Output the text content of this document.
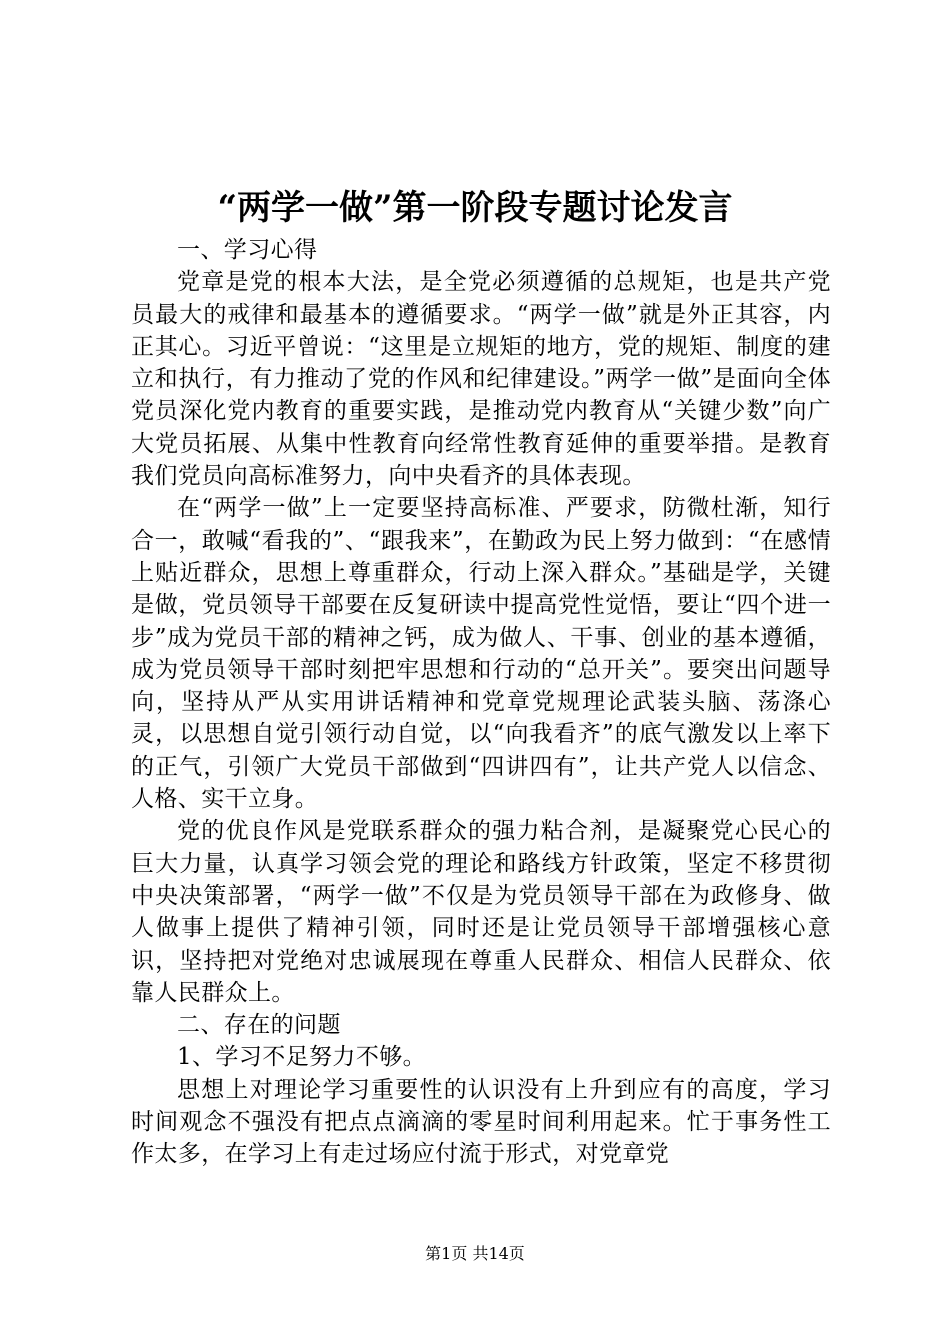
“两学一做”第一阶段专题讨论发言

一、学习心得

党章是党的根本大法，是全党必须遵循的总规矩，也是共产党员最大的戒律和最基本的遵循要求。“两学一做”就是外正其容，内正其心。习近平曾说：“这里是立规矩的地方，党的规矩、制度的建立和执行，有力推动了党的作风和纪律建设。”两学一做”是面向全体党员深化党内教育的重要实践，是推动党内教育从“关键少数”向广大党员拓展、从集中性教育向经常性教育延伸的重要举措。是教育我们党员向高标准努力，向中央看齐的具体表现。

在“两学一做”上一定要坚持高标准、严要求，防微杜渐，知行合一，敢喊“看我的”、“跟我来”，在勤政为民上努力做到：“在感情上贴近群众，思想上尊重群众，行动上深入群众。”基础是学，关键是做，党员领导干部要在反复研读中提高党性觉悟，要让“四个进一步”成为党员干部的精神之钙，成为做人、干事、创业的基本遵循，成为党员领导干部时刻把牢思想和行动的“总开关”。要突出问题导向，坚持从严从实用讲话精神和党章党规理论武装头脑、荡涤心灵，以思想自觉引领行动自觉，以“向我看齐”的底气激发以上率下的正气，引领广大党员干部做到“四讲四有”，让共产党人以信念、人格、实干立身。

党的优良作风是党联系群众的强力粘合剂，是凝聚党心民心的巨大力量，认真学习领会党的理论和路线方针政策，坚定不移贯彻中央决策部署，“两学一做”不仅是为党员领导干部在为政修身、做人做事上提供了精神引领，同时还是让党员领导干部增强核心意识，坚持把对党绝对忠诚展现在尊重人民群众、相信人民群众、依靠人民群众上。

二、存在的问题

1、学习不足努力不够。

思想上对理论学习重要性的认识没有上升到应有的高度，学习时间观念不强没有把点点滴滴的零星时间利用起来。忙于事务性工作太多，在学习上有走过场应付流于形式，对党章党

第1页 共14页
